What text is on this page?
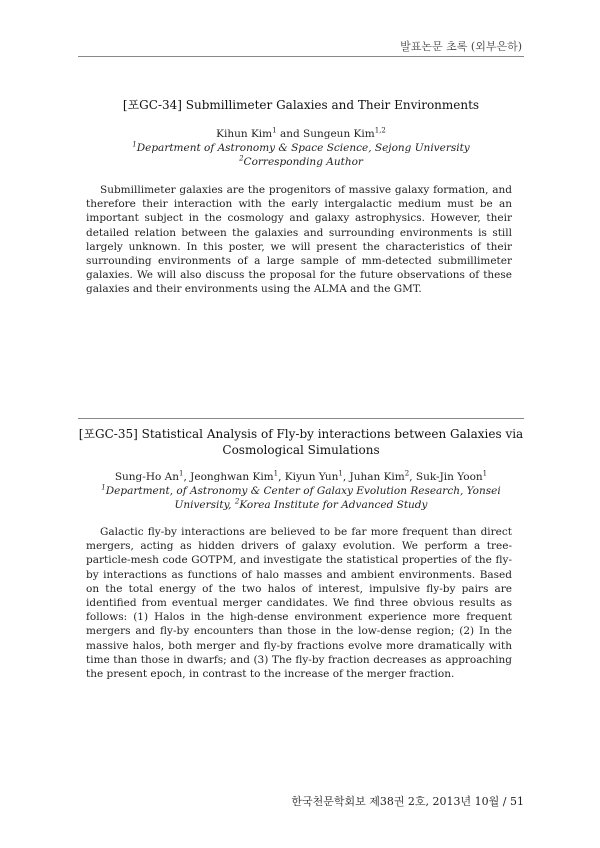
발표논문 초록 (외부은하)
[포GC-34] Submillimeter Galaxies and Their Environments
Kihun Kim$^1$ and Sungeun Kim$^{1,2}$
$^1$Department of Astronomy & Space Science, Sejong University
$^2$Corresponding Author

Submillimeter galaxies are the progenitors of massive galaxy formation, and therefore their interaction with the early intergalactic medium must be an important subject in the cosmology and galaxy astrophysics. However, their detailed relation between the galaxies and surrounding environments is still largely unknown. In this poster, we will present the characteristics of their surrounding environments of a large sample of mm-detected submillimeter galaxies. We will also discuss the proposal for the future observations of these galaxies and their environments using the ALMA and the GMT.

[포GC-35] Statistical Analysis of Fly-by interactions between Galaxies via
Cosmological Simulations
Sung-Ho An$^1$, Jeonghwan Kim$^1$, Kiyun Yun$^1$, Juhan Kim$^2$, Suk-Jin Yoon$^1$
$^1$Department, of Astronomy & Center of Galaxy Evolution Research, Yonsei
University, $^2$Korea Institute for Advanced Study

Galactic fly-by interactions are believed to be far more frequent than direct mergers, acting as hidden drivers of galaxy evolution. We perform a tree-particle-mesh code GOTPM, and investigate the statistical properties of the fly-by interactions as functions of halo masses and ambient environments. Based on the total energy of the two halos of interest, impulsive fly-by pairs are identified from eventual merger candidates. We find three obvious results as follows: (1) Halos in the high-dense environment experience more frequent mergers and fly-by encounters than those in the low-dense region; (2) In the massive halos, both merger and fly-by fractions evolve more dramatically with time than those in dwarfs; and (3) The fly-by fraction decreases as approaching the present epoch, in contrast to the increase of the merger fraction.

한국천문학회보 제38권 2호, 2013년 10월 / 51
